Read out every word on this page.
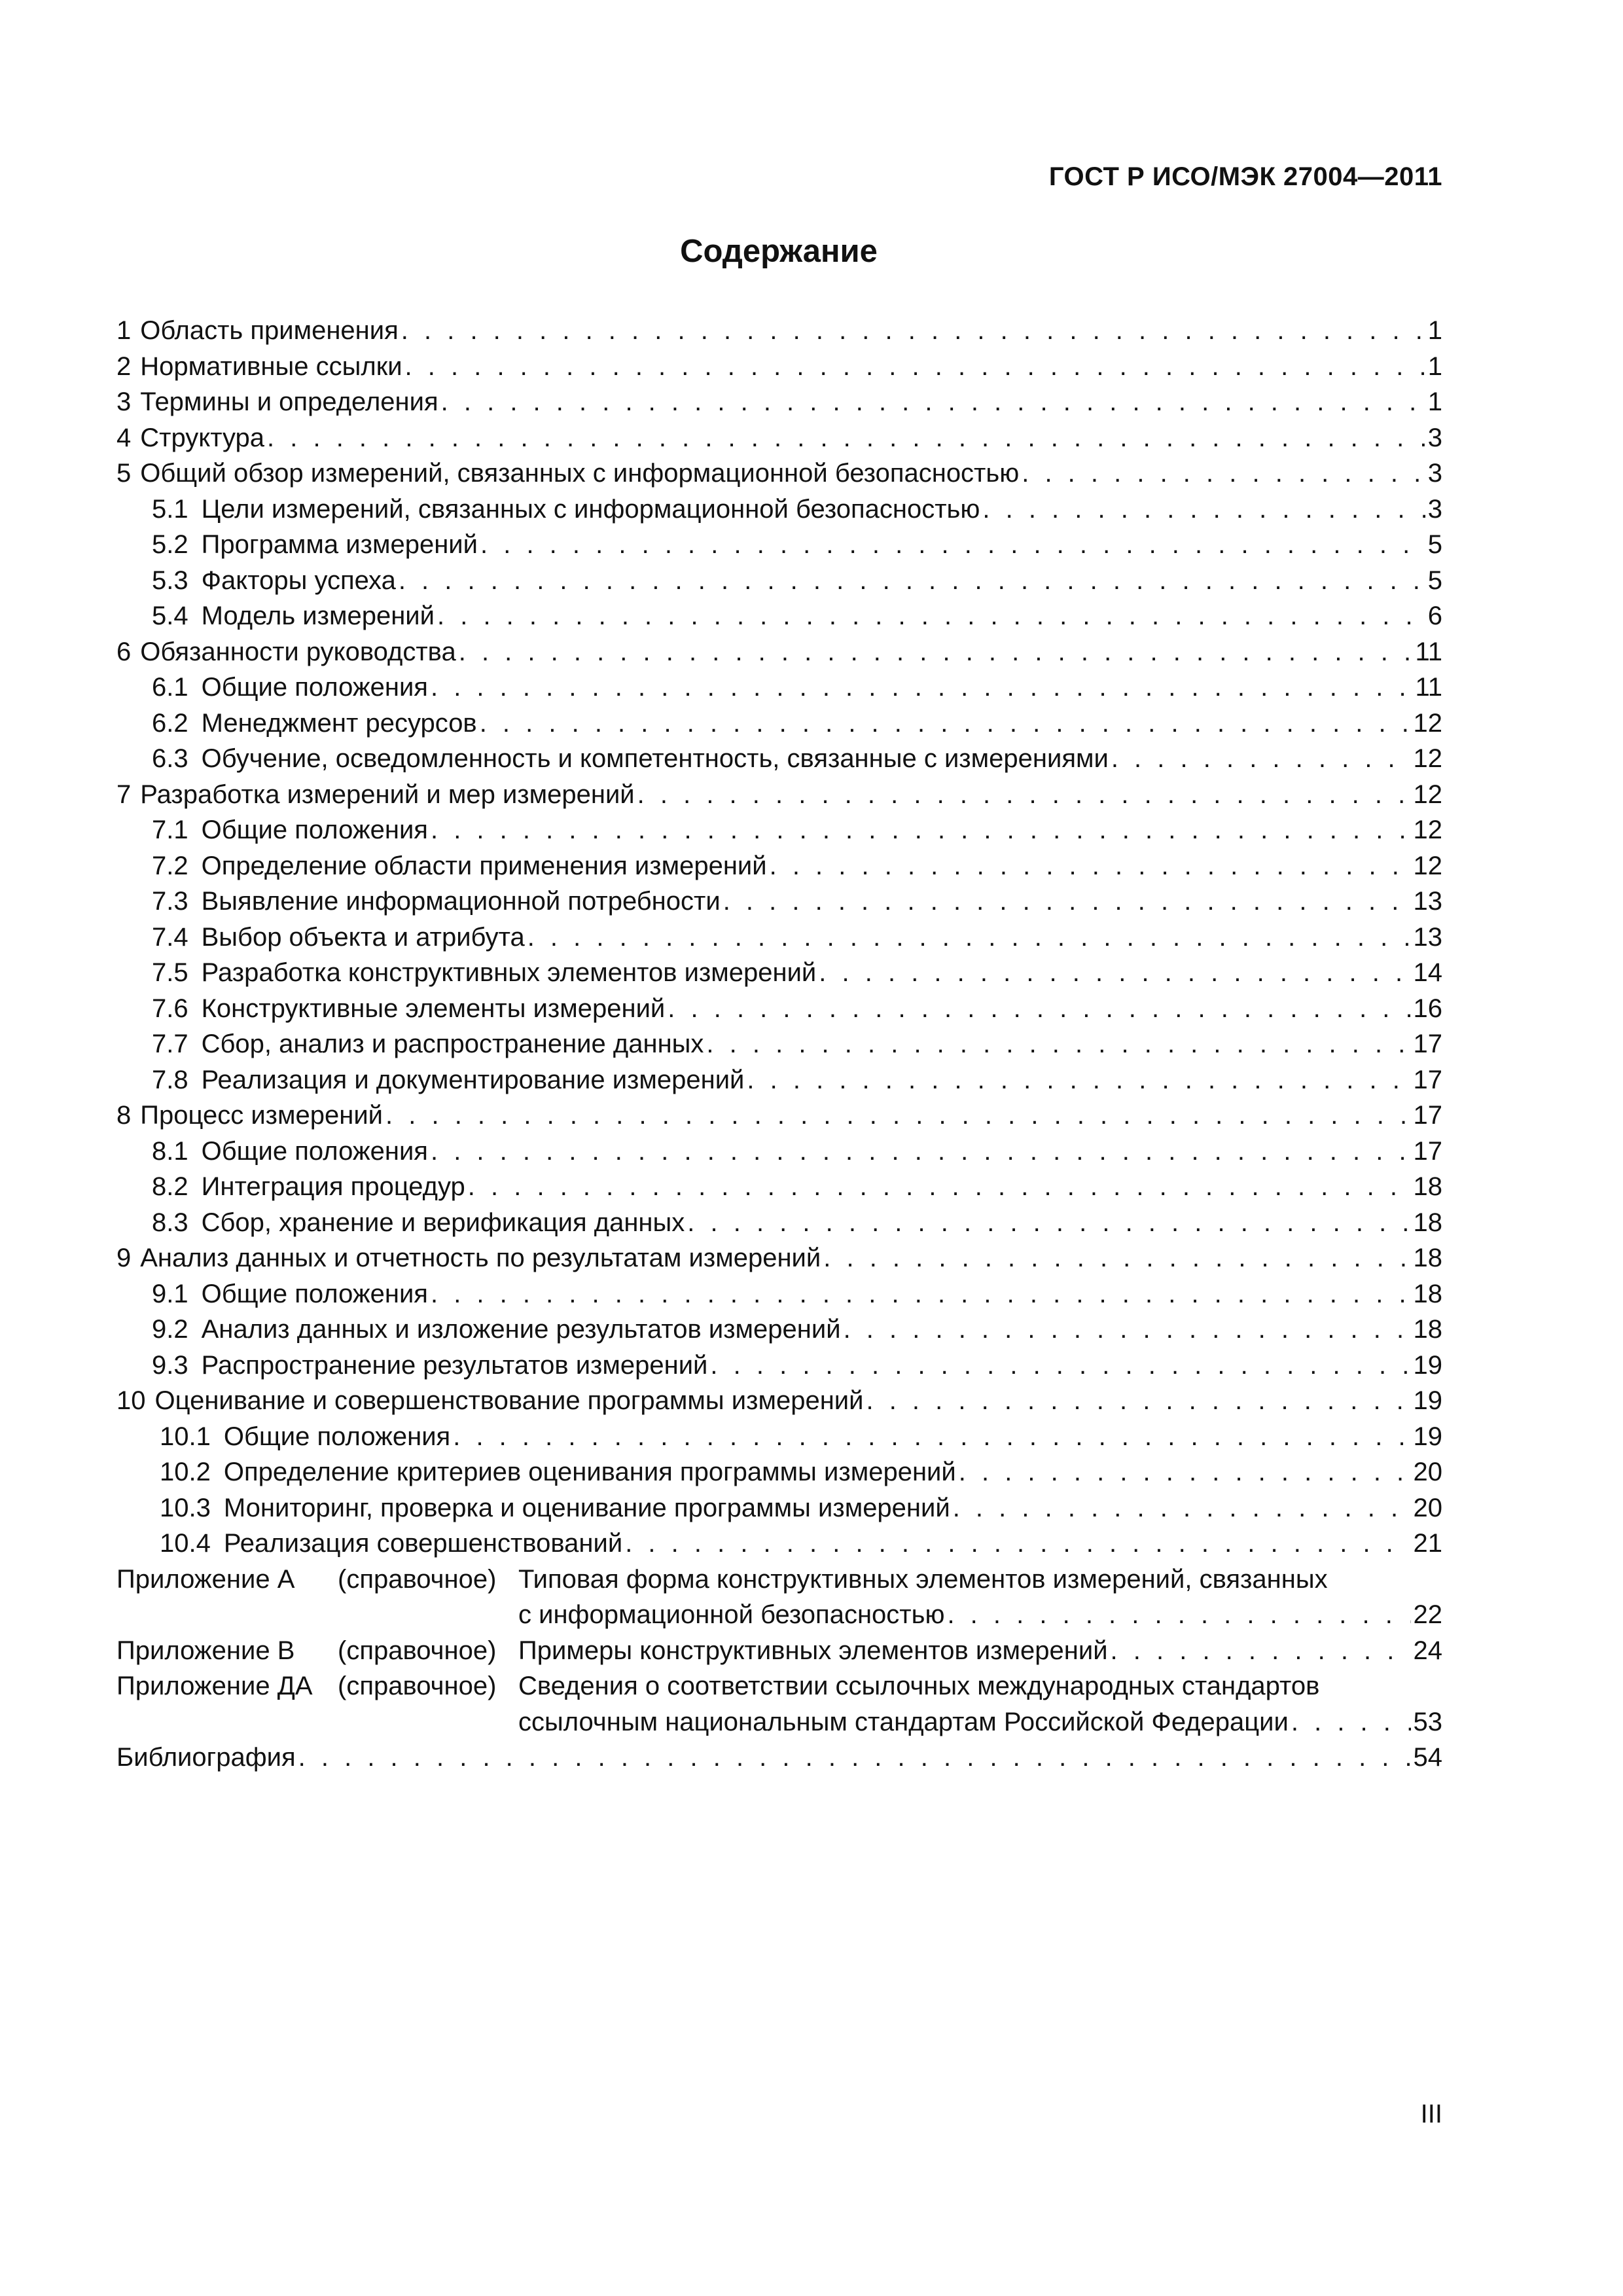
ГОСТ Р ИСО/МЭК 27004—2011
Содержание
1 Область применения . . .	1
2 Нормативные ссылки . . .	1
3 Термины и определения . . .	1
4 Структура . . .	3
5 Общий обзор измерений, связанных с информационной безопасностью . . .	3
5.1 Цели измерений, связанных с информационной безопасностью . . .	3
5.2 Программа измерений . . .	5
5.3 Факторы успеха . . .	5
5.4 Модель измерений . . .	6
6 Обязанности руководства . . .	11
6.1 Общие положения . . .	11
6.2 Менеджмент ресурсов . . .	12
6.3 Обучение, осведомленность и компетентность, связанные с измерениями . . .	12
7 Разработка измерений и мер измерений . . .	12
7.1 Общие положения . . .	12
7.2 Определение области применения измерений . . .	12
7.3 Выявление информационной потребности . . .	13
7.4 Выбор объекта и атрибута . . .	13
7.5 Разработка конструктивных элементов измерений . . .	14
7.6 Конструктивные элементы измерений . . .	16
7.7 Сбор, анализ и распространение данных . . .	17
7.8 Реализация и документирование измерений . . .	17
8 Процесс измерений . . .	17
8.1 Общие положения . . .	17
8.2 Интеграция процедур . . .	18
8.3 Сбор, хранение и верификация данных . . .	18
9 Анализ данных и отчетность по результатам измерений . . .	18
9.1 Общие положения . . .	18
9.2 Анализ данных и изложение результатов измерений . . .	18
9.3 Распространение результатов измерений . . .	19
10 Оценивание и совершенствование программы измерений . . .	19
10.1 Общие положения . . .	19
10.2 Определение критериев оценивания программы измерений . . .	20
10.3 Мониторинг, проверка и оценивание программы измерений . . .	20
10.4 Реализация совершенствований . . .	21
Приложение А	(справочное) Типовая форма конструктивных элементов измерений, связанных
с информационной безопасностью . . .	22
Приложение В	(справочное) Примеры конструктивных элементов измерений . . .	24
Приложение ДА (справочное) Сведения о соответствии ссылочных международных стандартов
ссылочным национальным стандартам Российской Федерации . . .	53
Библиография . . .	54
III
